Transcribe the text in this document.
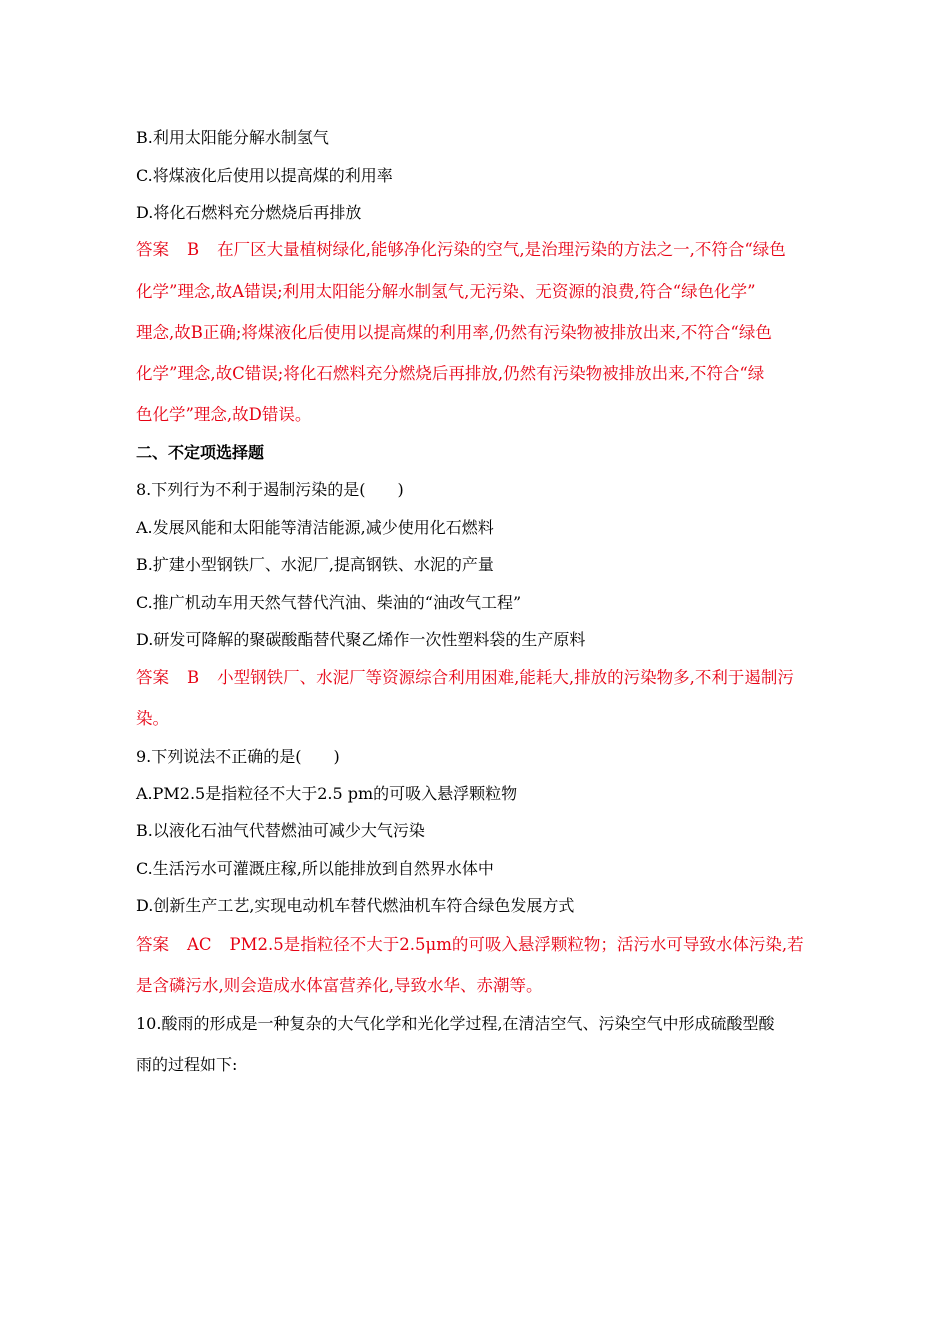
B.利用太阳能分解水制氢气
C.将煤液化后使用以提高煤的利用率
D.将化石燃料充分燃烧后再排放
答案 B 在厂区大量植树绿化,能够净化污染的空气,是治理污染的方法之一,不符合“绿色
化学”理念,故A错误;利用太阳能分解水制氢气,无污染、无资源的浪费,符合“绿色化学”
理念,故B正确;将煤液化后使用以提高煤的利用率,仍然有污染物被排放出来,不符合“绿色
化学”理念,故C错误;将化石燃料充分燃烧后再排放,仍然有污染物被排放出来,不符合“绿
色化学”理念,故D错误。
二、不定项选择题
8.下列行为不利于遏制污染的是(　　)
A.发展风能和太阳能等清洁能源,减少使用化石燃料
B.扩建小型钢铁厂、水泥厂,提高钢铁、水泥的产量
C.推广机动车用天然气替代汽油、柴油的“油改气工程”
D.研发可降解的聚碳酸酯替代聚乙烯作一次性塑料袋的生产原料
答案 B 小型钢铁厂、水泥厂等资源综合利用困难,能耗大,排放的污染物多,不利于遏制污
染。
9.下列说法不正确的是(　　)
A.PM2.5是指粒径不大于2.5 pm的可吸入悬浮颗粒物
B.以液化石油气代替燃油可减少大气污染
C.生活污水可灌溉庄稼,所以能排放到自然界水体中
D.创新生产工艺,实现电动机车替代燃油机车符合绿色发展方式
答案 AC PM2.5是指粒径不大于2.5μm的可吸入悬浮颗粒物；活污水可导致水体污染,若
是含磷污水,则会造成水体富营养化,导致水华、赤潮等。
10.酸雨的形成是一种复杂的大气化学和光化学过程,在清洁空气、污染空气中形成硫酸型酸
雨的过程如下:
